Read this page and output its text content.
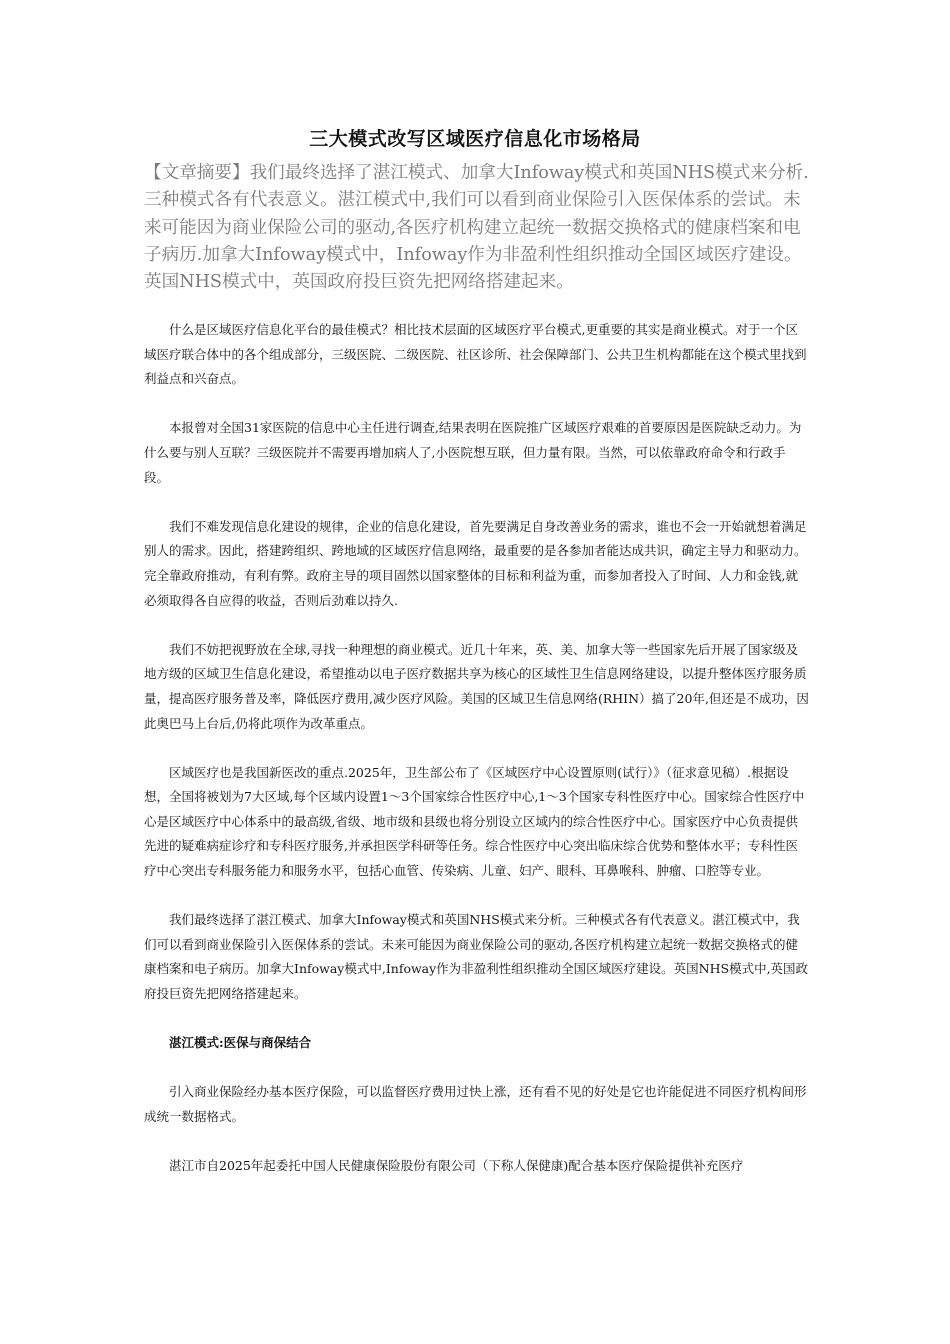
三大模式改写区域医疗信息化市场格局

【文章摘要】我们最终选择了湛江模式、加拿大Infoway模式和英国NHS模式来分析.三种模式各有代表意义。湛江模式中,我们可以看到商业保险引入医保体系的尝试。未来可能因为商业保险公司的驱动,各医疗机构建立起统一数据交换格式的健康档案和电子病历.加拿大Infoway模式中，Infoway作为非盈利性组织推动全国区域医疗建设。英国NHS模式中，英国政府投巨资先把网络搭建起来。

什么是区域医疗信息化平台的最佳模式？相比技术层面的区域医疗平台模式,更重要的其实是商业模式。对于一个区域医疗联合体中的各个组成部分，三级医院、二级医院、社区诊所、社会保障部门、公共卫生机构都能在这个模式里找到利益点和兴奋点。

本报曾对全国31家医院的信息中心主任进行调查,结果表明在医院推广区域医疗艰难的首要原因是医院缺乏动力。为什么要与别人互联？三级医院并不需要再增加病人了,小医院想互联，但力量有限。当然，可以依靠政府命令和行政手段。

我们不难发现信息化建设的规律，企业的信息化建设，首先要满足自身改善业务的需求，谁也不会一开始就想着满足别人的需求。因此，搭建跨组织、跨地域的区域医疗信息网络，最重要的是各参加者能达成共识，确定主导力和驱动力。完全靠政府推动，有利有弊。政府主导的项目固然以国家整体的目标和利益为重，而参加者投入了时间、人力和金钱,就必须取得各自应得的收益，否则后劲难以持久.

我们不妨把视野放在全球,寻找一种理想的商业模式。近几十年来，英、美、加拿大等一些国家先后开展了国家级及地方级的区域卫生信息化建设，希望推动以电子医疗数据共享为核心的区域性卫生信息网络建设，以提升整体医疗服务质量，提高医疗服务普及率，降低医疗费用,减少医疗风险。美国的区域卫生信息网络(RHIN）搞了20年,但还是不成功，因此奥巴马上台后,仍将此项作为改革重点。

区域医疗也是我国新医改的重点.2025年，卫生部公布了《区域医疗中心设置原则(试行）》（征求意见稿）.根据设想，全国将被划为7大区域,每个区域内设置1～3个国家综合性医疗中心,1～3个国家专科性医疗中心。国家综合性医疗中心是区域医疗中心体系中的最高级,省级、地市级和县级也将分别设立区域内的综合性医疗中心。国家医疗中心负责提供先进的疑难病症诊疗和专科医疗服务,并承担医学科研等任务。综合性医疗中心突出临床综合优势和整体水平；专科性医疗中心突出专科服务能力和服务水平，包括心血管、传染病、儿童、妇产、眼科、耳鼻喉科、肿瘤、口腔等专业。

我们最终选择了湛江模式、加拿大Infoway模式和英国NHS模式来分析。三种模式各有代表意义。湛江模式中，我们可以看到商业保险引入医保体系的尝试。未来可能因为商业保险公司的驱动,各医疗机构建立起统一数据交换格式的健康档案和电子病历。加拿大Infoway模式中,Infoway作为非盈利性组织推动全国区域医疗建设。英国NHS模式中,英国政府投巨资先把网络搭建起来。

湛江模式:医保与商保结合

引入商业保险经办基本医疗保险，可以监督医疗费用过快上涨，还有看不见的好处是它也许能促进不同医疗机构间形成统一数据格式。

湛江市自2025年起委托中国人民健康保险股份有限公司（下称人保健康)配合基本医疗保险提供补充医疗
